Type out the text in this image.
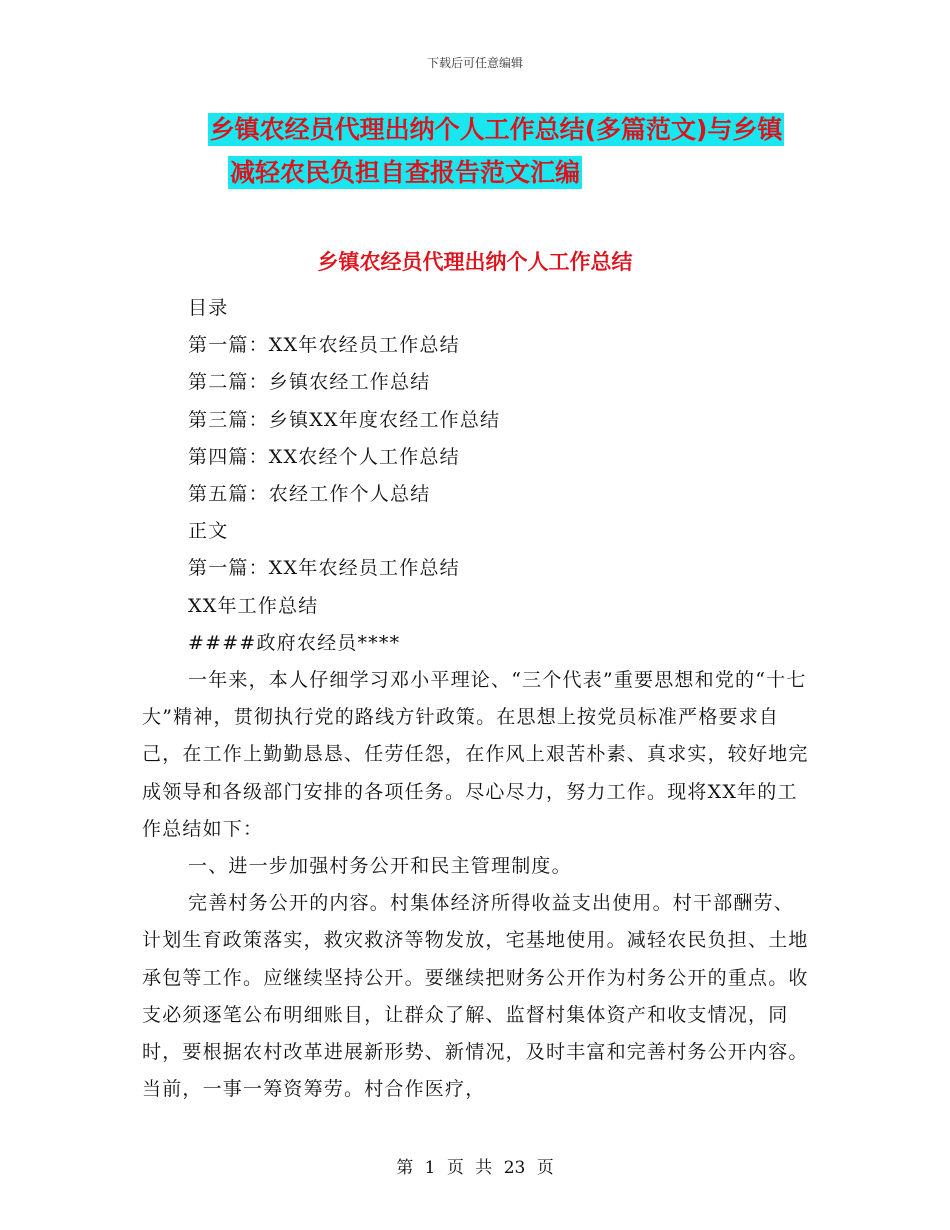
下载后可任意编辑
乡镇农经员代理出纳个人工作总结(多篇范文)与乡镇
减轻农民负担自查报告范文汇编
乡镇农经员代理出纳个人工作总结

目录

第一篇：XX年农经员工作总结

第二篇：乡镇农经工作总结

第三篇：乡镇XX年度农经工作总结

第四篇：XX农经个人工作总结

第五篇：农经工作个人总结

正文

第一篇：XX年农经员工作总结

XX年工作总结

####政府农经员****

一年来，本人仔细学习邓小平理论、“三个代表”重要思想和党的“十七大”精神，贯彻执行党的路线方针政策。在思想上按党员标准严格要求自己，在工作上勤勤恳恳、任劳任怨，在作风上艰苦朴素、真求实，较好地完成领导和各级部门安排的各项任务。尽心尽力，努力工作。现将XX年的工作总结如下：

一、进一步加强村务公开和民主管理制度。

完善村务公开的内容。村集体经济所得收益支出使用。村干部酬劳、计划生育政策落实，救灾救济等物发放，宅基地使用。减轻农民负担、土地承包等工作。应继续坚持公开。要继续把财务公开作为村务公开的重点。收支必须逐笔公布明细账目，让群众了解、监督村集体资产和收支情况，同时，要根据农村改革进展新形势、新情况，及时丰富和完善村务公开内容。当前，一事一筹资筹劳。村合作医疗，

第 1 页 共 23 页
